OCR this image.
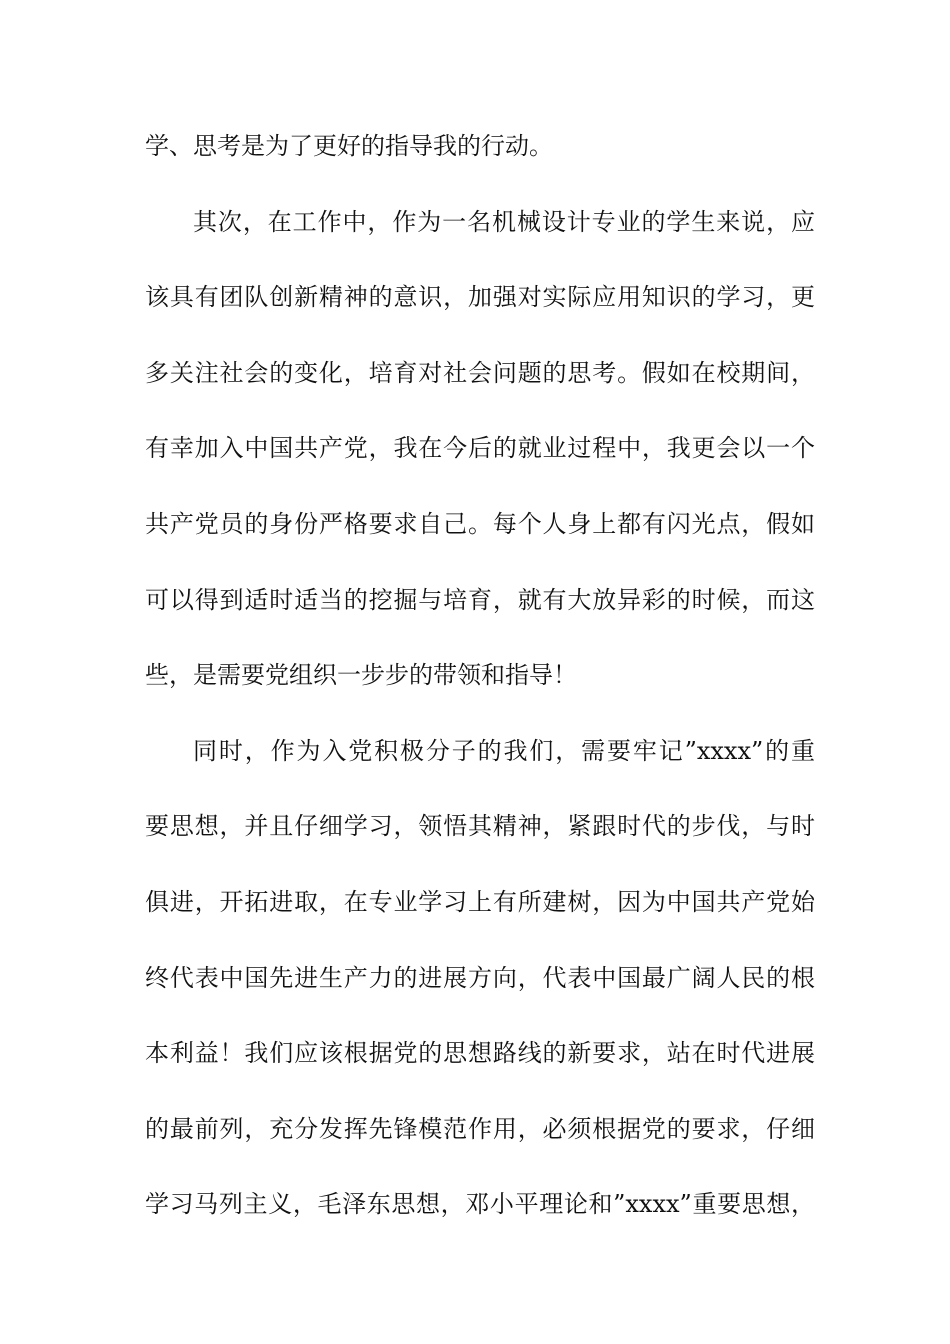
学、思考是为了更好的指导我的行动。
其次，在工作中，作为一名机械设计专业的学生来说，应
该具有团队创新精神的意识，加强对实际应用知识的学习，更
多关注社会的变化，培育对社会问题的思考。假如在校期间，
有幸加入中国共产党，我在今后的就业过程中，我更会以一个
共产党员的身份严格要求自己。每个人身上都有闪光点，假如
可以得到适时适当的挖掘与培育，就有大放异彩的时候，而这
些，是需要党组织一步步的带领和指导！
同时，作为入党积极分子的我们，需要牢记”xxxx”的重
要思想，并且仔细学习，领悟其精神，紧跟时代的步伐，与时
俱进，开拓进取，在专业学习上有所建树，因为中国共产党始
终代表中国先进生产力的进展方向，代表中国最广阔人民的根
本利益！我们应该根据党的思想路线的新要求，站在时代进展
的最前列，充分发挥先锋模范作用，必须根据党的要求，仔细
学习马列主义，毛泽东思想，邓小平理论和”xxxx”重要思想，
